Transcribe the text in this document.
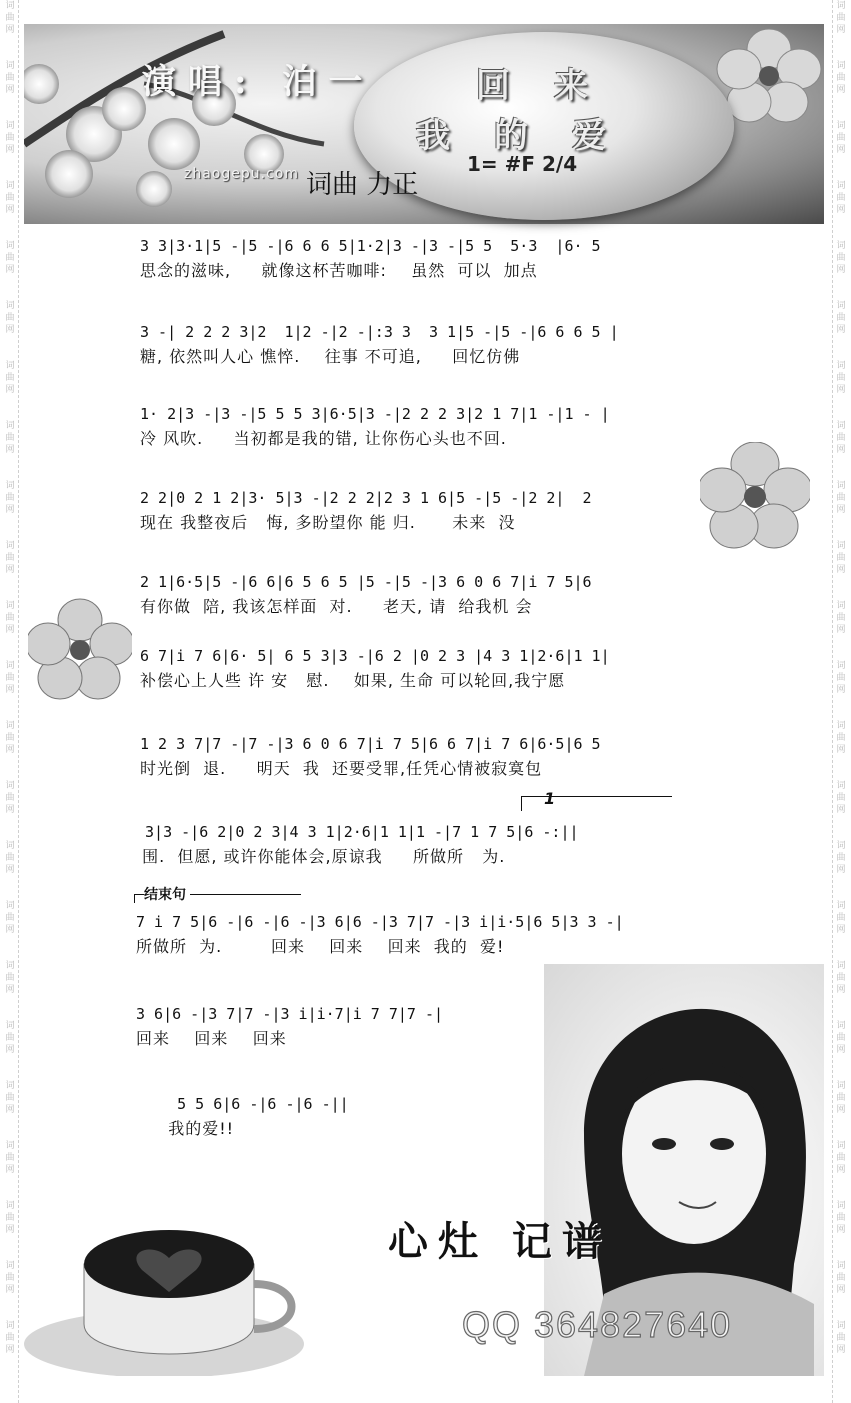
词
曲
网
词
曲
网
词
曲
网
词
曲
网
词
曲
网
词
曲
网
词
曲
网
词
曲
网
词
曲
网
词
曲
网
词
曲
网
词
曲
网
词
曲
网
词
曲
网
词
曲
网
词
曲
网
词
曲
网
词
曲
网
词
曲
网
词
曲
网
词
曲
网
词
曲
网
词
曲
网
词
曲
网
词
曲
网
词
曲
网
词
曲
网
词
曲
网
词
曲
网
词
曲
网
词
曲
网
词
曲
网
词
曲
网
词
曲
网
词
曲
网
词
曲
网
词
曲
网
词
曲
网
词
曲
网
词
曲
网
词
曲
网
词
曲
网
词
曲
网
词
曲
网
词
曲
网
词
曲
网
演唱: 泊一
zhaogepu.com
回来
我的爱
词曲 力正
1= #F 2/4
3 3|3·1|5 -|5 -|6 6 6 5|1·2|3 -|3 -|5 5  5·3  |6· 5
思念的滋味,     就像这杯苦咖啡:    虽然  可以  加点
3 -| 2 2 2 3|2  1|2 -|2 -|:3 3  3 1|5 -|5 -|6 6 6 5 |
糖, 依然叫人心 憔悴.    往事 不可追,     回忆仿佛
1· 2|3 -|3 -|5 5 5 3|6·5|3 -|2 2 2 3|2 1 7|1 -|1 - |
冷 风吹.     当初都是我的错, 让你伤心头也不回.
2 2|0 2 1 2|3· 5|3 -|2 2 2|2 3 1 6|5 -|5 -|2 2|  2
现在 我整夜后   悔, 多盼望你 能 归.      未来  没
2 1|6·5|5 -|6 6|6 5 6 5 |5 -|5 -|3 6 0 6 7|i 7 5|6
有你做  陪, 我该怎样面  对.     老天, 请  给我机 会
6 7|i 7 6|6· 5| 6 5 3|3 -|6 2 |0 2 3 |4 3 1|2·6|1 1|
补偿心上人些 许 安   慰.    如果, 生命 可以轮回,我宁愿
1 2 3 7|7 -|7 -|3 6 0 6 7|i 7 5|6 6 7|i 7 6|6·5|6 5
时光倒  退.     明天  我  还要受罪,任凭心情被寂寞包
3|3 -|6 2|0 2 3|4 3 1|2·6|1 1|1 -|7 1 7 5|6 -:||
围.  但愿, 或许你能体会,原谅我     所做所   为.
7 i 7 5|6 -|6 -|6 -|3 6|6 -|3 7|7 -|3 i|i·5|6 5|3 3 -|
所做所  为.        回来    回来    回来  我的  爱!
3 6|6 -|3 7|7 -|3 i|i·7|i 7 7|7 -|
回来    回来    回来
5 5 6|6 -|6 -|6 -||
我的爱!!
1
结束句
心灶 记谱
QQ 364827640
